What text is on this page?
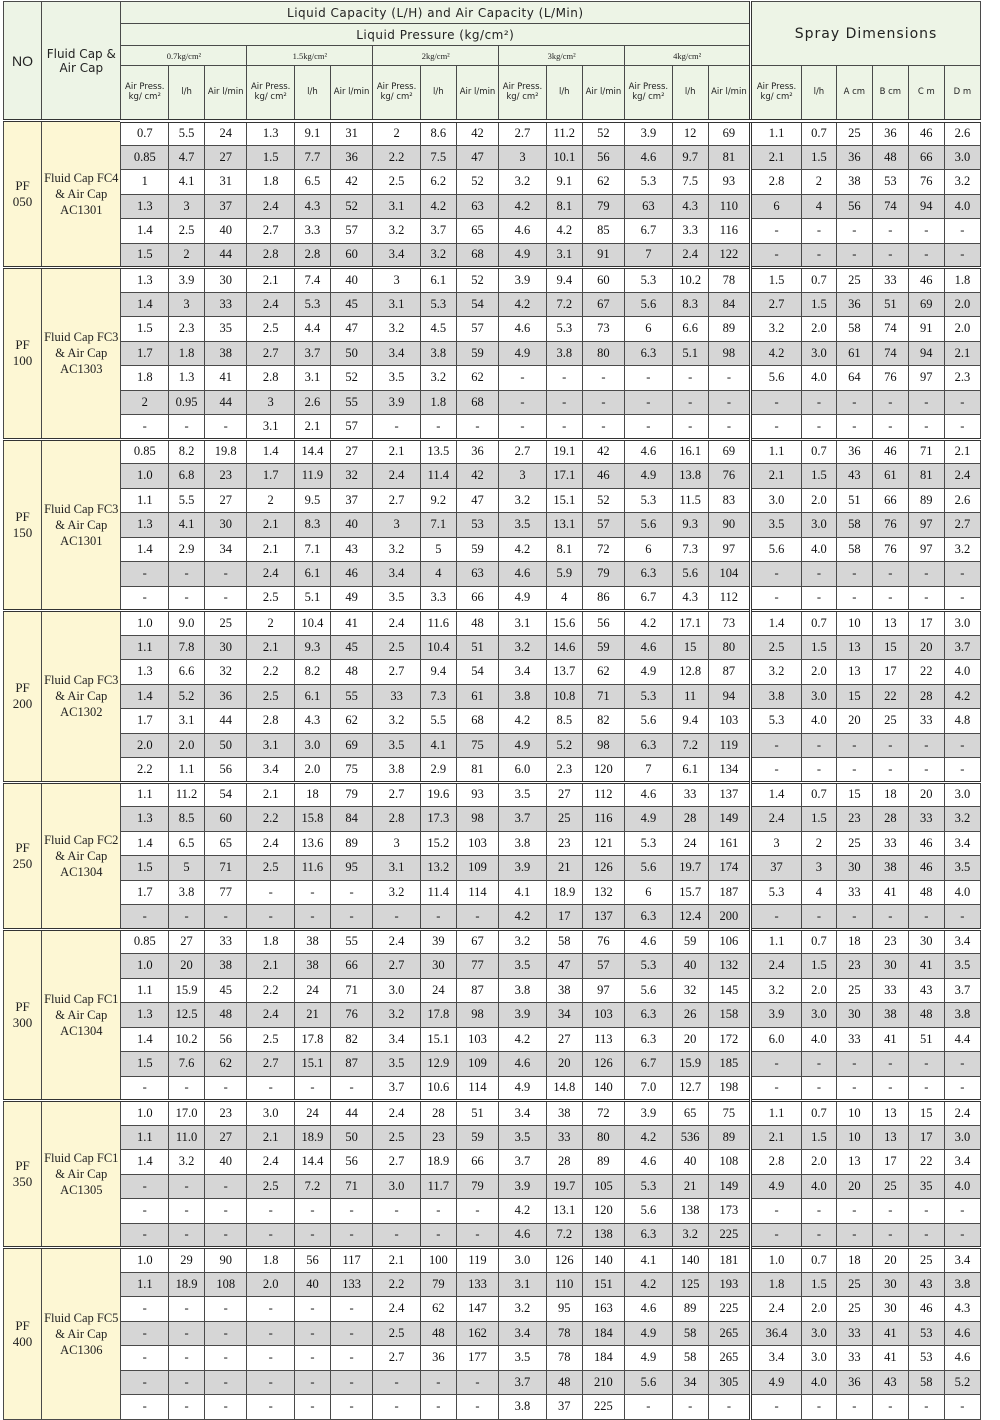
NO	Fluid Cap & Air Cap	Liquid Capacity (L/H) and Air Capacity (L/Min)															Spray Dimensions					
		Liquid Pressure (kg/cm²)																				
		0.7kg/cm²			1.5kg/cm²			2kg/cm²			3kg/cm²			4kg/cm²								
		Air Press. kg/ cm²	l/h	Air l/min	Air Press. kg/ cm²	l/h	Air l/min	Air Press. kg/ cm²	l/h	Air l/min	Air Press. kg/ cm²	l/h	Air l/min	Air Press. kg/ cm²	l/h	Air l/min	Air Press. kg/ cm²	l/h	A cm	B cm	C m	D m
PF 050	Fluid Cap FC4 & Air Cap AC1301	0.7	5.5	24	1.3	9.1	31	2	8.6	42	2.7	11.2	52	3.9	12	69	1.1	0.7	25	36	46	2.6
		0.85	4.7	27	1.5	7.7	36	2.2	7.5	47	3	10.1	56	4.6	9.7	81	2.1	1.5	36	48	66	3.0
		1	4.1	31	1.8	6.5	42	2.5	6.2	52	3.2	9.1	62	5.3	7.5	93	2.8	2	38	53	76	3.2
		1.3	3	37	2.4	4.3	52	3.1	4.2	63	4.2	8.1	79	63	4.3	110	6	4	56	74	94	4.0
		1.4	2.5	40	2.7	3.3	57	3.2	3.7	65	4.6	4.2	85	6.7	3.3	116	-	-	-	-	-	-
		1.5	2	44	2.8	2.8	60	3.4	3.2	68	4.9	3.1	91	7	2.4	122	-	-	-	-	-	-
PF 100	Fluid Cap FC3 & Air Cap AC1303	1.3	3.9	30	2.1	7.4	40	3	6.1	52	3.9	9.4	60	5.3	10.2	78	1.5	0.7	25	33	46	1.8
		1.4	3	33	2.4	5.3	45	3.1	5.3	54	4.2	7.2	67	5.6	8.3	84	2.7	1.5	36	51	69	2.0
		1.5	2.3	35	2.5	4.4	47	3.2	4.5	57	4.6	5.3	73	6	6.6	89	3.2	2.0	58	74	91	2.0
		1.7	1.8	38	2.7	3.7	50	3.4	3.8	59	4.9	3.8	80	6.3	5.1	98	4.2	3.0	61	74	94	2.1
		1.8	1.3	41	2.8	3.1	52	3.5	3.2	62	-	-	-	-	-	-	5.6	4.0	64	76	97	2.3
		2	0.95	44	3	2.6	55	3.9	1.8	68	-	-	-	-	-	-	-	-	-	-	-	-
		-	-	-	3.1	2.1	57	-	-	-	-	-	-	-	-	-	-	-	-	-	-	-
PF 150	Fluid Cap FC3 & Air Cap AC1301	0.85	8.2	19.8	1.4	14.4	27	2.1	13.5	36	2.7	19.1	42	4.6	16.1	69	1.1	0.7	36	46	71	2.1
		1.0	6.8	23	1.7	11.9	32	2.4	11.4	42	3	17.1	46	4.9	13.8	76	2.1	1.5	43	61	81	2.4
		1.1	5.5	27	2	9.5	37	2.7	9.2	47	3.2	15.1	52	5.3	11.5	83	3.0	2.0	51	66	89	2.6
		1.3	4.1	30	2.1	8.3	40	3	7.1	53	3.5	13.1	57	5.6	9.3	90	3.5	3.0	58	76	97	2.7
		1.4	2.9	34	2.1	7.1	43	3.2	5	59	4.2	8.1	72	6	7.3	97	5.6	4.0	58	76	97	3.2
		-	-	-	2.4	6.1	46	3.4	4	63	4.6	5.9	79	6.3	5.6	104	-	-	-	-	-	-
		-	-	-	2.5	5.1	49	3.5	3.3	66	4.9	4	86	6.7	4.3	112	-	-	-	-	-	-
PF 200	Fluid Cap FC3 & Air Cap AC1302	1.0	9.0	25	2	10.4	41	2.4	11.6	48	3.1	15.6	56	4.2	17.1	73	1.4	0.7	10	13	17	3.0
		1.1	7.8	30	2.1	9.3	45	2.5	10.4	51	3.2	14.6	59	4.6	15	80	2.5	1.5	13	15	20	3.7
		1.3	6.6	32	2.2	8.2	48	2.7	9.4	54	3.4	13.7	62	4.9	12.8	87	3.2	2.0	13	17	22	4.0
		1.4	5.2	36	2.5	6.1	55	33	7.3	61	3.8	10.8	71	5.3	11	94	3.8	3.0	15	22	28	4.2
		1.7	3.1	44	2.8	4.3	62	3.2	5.5	68	4.2	8.5	82	5.6	9.4	103	5.3	4.0	20	25	33	4.8
		2.0	2.0	50	3.1	3.0	69	3.5	4.1	75	4.9	5.2	98	6.3	7.2	119	-	-	-	-	-	-
		2.2	1.1	56	3.4	2.0	75	3.8	2.9	81	6.0	2.3	120	7	6.1	134	-	-	-	-	-	-
PF 250	Fluid Cap FC2 & Air Cap AC1304	1.1	11.2	54	2.1	18	79	2.7	19.6	93	3.5	27	112	4.6	33	137	1.4	0.7	15	18	20	3.0
		1.3	8.5	60	2.2	15.8	84	2.8	17.3	98	3.7	25	116	4.9	28	149	2.4	1.5	23	28	33	3.2
		1.4	6.5	65	2.4	13.6	89	3	15.2	103	3.8	23	121	5.3	24	161	3	2	25	33	46	3.4
		1.5	5	71	2.5	11.6	95	3.1	13.2	109	3.9	21	126	5.6	19.7	174	37	3	30	38	46	3.5
		1.7	3.8	77	-	-	-	3.2	11.4	114	4.1	18.9	132	6	15.7	187	5.3	4	33	41	48	4.0
		-	-	-	-	-	-	-	-	-	4.2	17	137	6.3	12.4	200	-	-	-	-	-	-
PF 300	Fluid Cap FC1 & Air Cap AC1304	0.85	27	33	1.8	38	55	2.4	39	67	3.2	58	76	4.6	59	106	1.1	0.7	18	23	30	3.4
		1.0	20	38	2.1	38	66	2.7	30	77	3.5	47	57	5.3	40	132	2.4	1.5	23	30	41	3.5
		1.1	15.9	45	2.2	24	71	3.0	24	87	3.8	38	97	5.6	32	145	3.2	2.0	25	33	43	3.7
		1.3	12.5	48	2.4	21	76	3.2	17.8	98	3.9	34	103	6.3	26	158	3.9	3.0	30	38	48	3.8
		1.4	10.2	56	2.5	17.8	82	3.4	15.1	103	4.2	27	113	6.3	20	172	6.0	4.0	33	41	51	4.4
		1.5	7.6	62	2.7	15.1	87	3.5	12.9	109	4.6	20	126	6.7	15.9	185	-	-	-	-	-	-
		-	-	-	-	-	-	3.7	10.6	114	4.9	14.8	140	7.0	12.7	198	-	-	-	-	-	-
PF 350	Fluid Cap FC1 & Air Cap AC1305	1.0	17.0	23	3.0	24	44	2.4	28	51	3.4	38	72	3.9	65	75	1.1	0.7	10	13	15	2.4
		1.1	11.0	27	2.1	18.9	50	2.5	23	59	3.5	33	80	4.2	536	89	2.1	1.5	10	13	17	3.0
		1.4	3.2	40	2.4	14.4	56	2.7	18.9	66	3.7	28	89	4.6	40	108	2.8	2.0	13	17	22	3.4
		-	-	-	2.5	7.2	71	3.0	11.7	79	3.9	19.7	105	5.3	21	149	4.9	4.0	20	25	35	4.0
		-	-	-	-	-	-	-	-	-	4.2	13.1	120	5.6	138	173	-	-	-	-	-	-
		-	-	-	-	-	-	-	-	-	4.6	7.2	138	6.3	3.2	225	-	-	-	-	-	-
PF 400	Fluid Cap FC5 & Air Cap AC1306	1.0	29	90	1.8	56	117	2.1	100	119	3.0	126	140	4.1	140	181	1.0	0.7	18	20	25	3.4
		1.1	18.9	108	2.0	40	133	2.2	79	133	3.1	110	151	4.2	125	193	1.8	1.5	25	30	43	3.8
		-	-	-	-	-	-	2.4	62	147	3.2	95	163	4.6	89	225	2.4	2.0	25	30	46	4.3
		-	-	-	-	-	-	2.5	48	162	3.4	78	184	4.9	58	265	36.4	3.0	33	41	53	4.6
		-	-	-	-	-	-	2.7	36	177	3.5	78	184	4.9	58	265	3.4	3.0	33	41	53	4.6
		-	-	-	-	-	-	-	-	-	3.7	48	210	5.6	34	305	4.9	4.0	36	43	58	5.2
		-	-	-	-	-	-	-	-	-	3.8	37	225	-	-	-	-	-	-	-	-	-
